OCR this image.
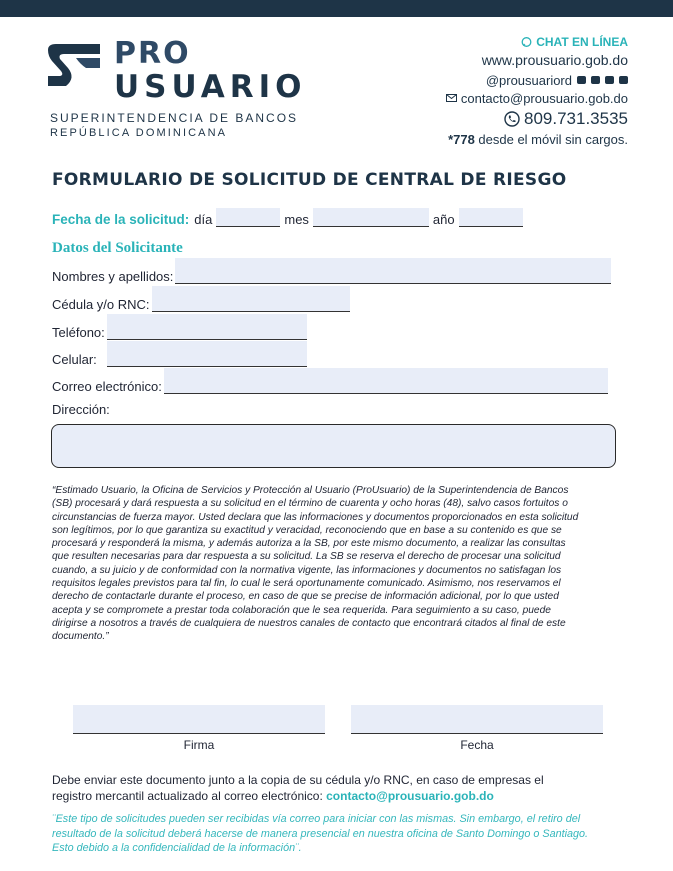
PRO
USUARIO
SUPERINTENDENCIA DE BANCOS
REPÚBLICA DOMINICANA
CHAT EN LÍNEA
www.prousuario.gob.do
@prousuariord
contacto@prousuario.gob.do
809.731.3535
*778 desde el móvil sin cargos.
FORMULARIO DE SOLICITUD DE CENTRAL DE RIESGO
Fecha de la solicitud: día	mes	año
Datos del Solicitante
Nombres y apellidos:
Cédula y/o RNC:
Teléfono:
Celular:
Correo electrónico:
Dirección:
“Estimado Usuario, la Oficina de Servicios y Protección al Usuario (ProUsuario) de la Superintendencia de Bancos (SB) procesará y dará respuesta a su solicitud en el término de cuarenta y ocho horas (48), salvo casos fortuitos o circunstancias de fuerza mayor. Usted declara que las informaciones y documentos proporcionados en esta solicitud son legítimos, por lo que garantiza su exactitud y veracidad, reconociendo que en base a su contenido es que se procesará y responderá la misma, y además autoriza a la SB, por este mismo documento, a realizar las consultas que resulten necesarias para dar respuesta a su solicitud. La SB se reserva el derecho de procesar una solicitud cuando, a su juicio y de conformidad con la normativa vigente, las informaciones y documentos no satisfagan los requisitos legales previstos para tal fin, lo cual le será oportunamente comunicado. Asimismo, nos reservamos el derecho de contactarle durante el proceso, en caso de que se precise de información adicional, por lo que usted acepta y se compromete a prestar toda colaboración que le sea requerida. Para seguimiento a su caso, puede dirigirse a nosotros a través de cualquiera de nuestros canales de contacto que encontrará citados al final de este documento.”
Firma	Fecha
Debe enviar este documento junto a la copia de su cédula y/o RNC, en caso de empresas el registro mercantil actualizado al correo electrónico: contacto@prousuario.gob.do
¨Este tipo de solicitudes pueden ser recibidas vía correo para iniciar con las mismas. Sin embargo, el retiro del resultado de la solicitud deberá hacerse de manera presencial en nuestra oficina de Santo Domingo o Santiago. Esto debido a la confidencialidad de la información¨.
